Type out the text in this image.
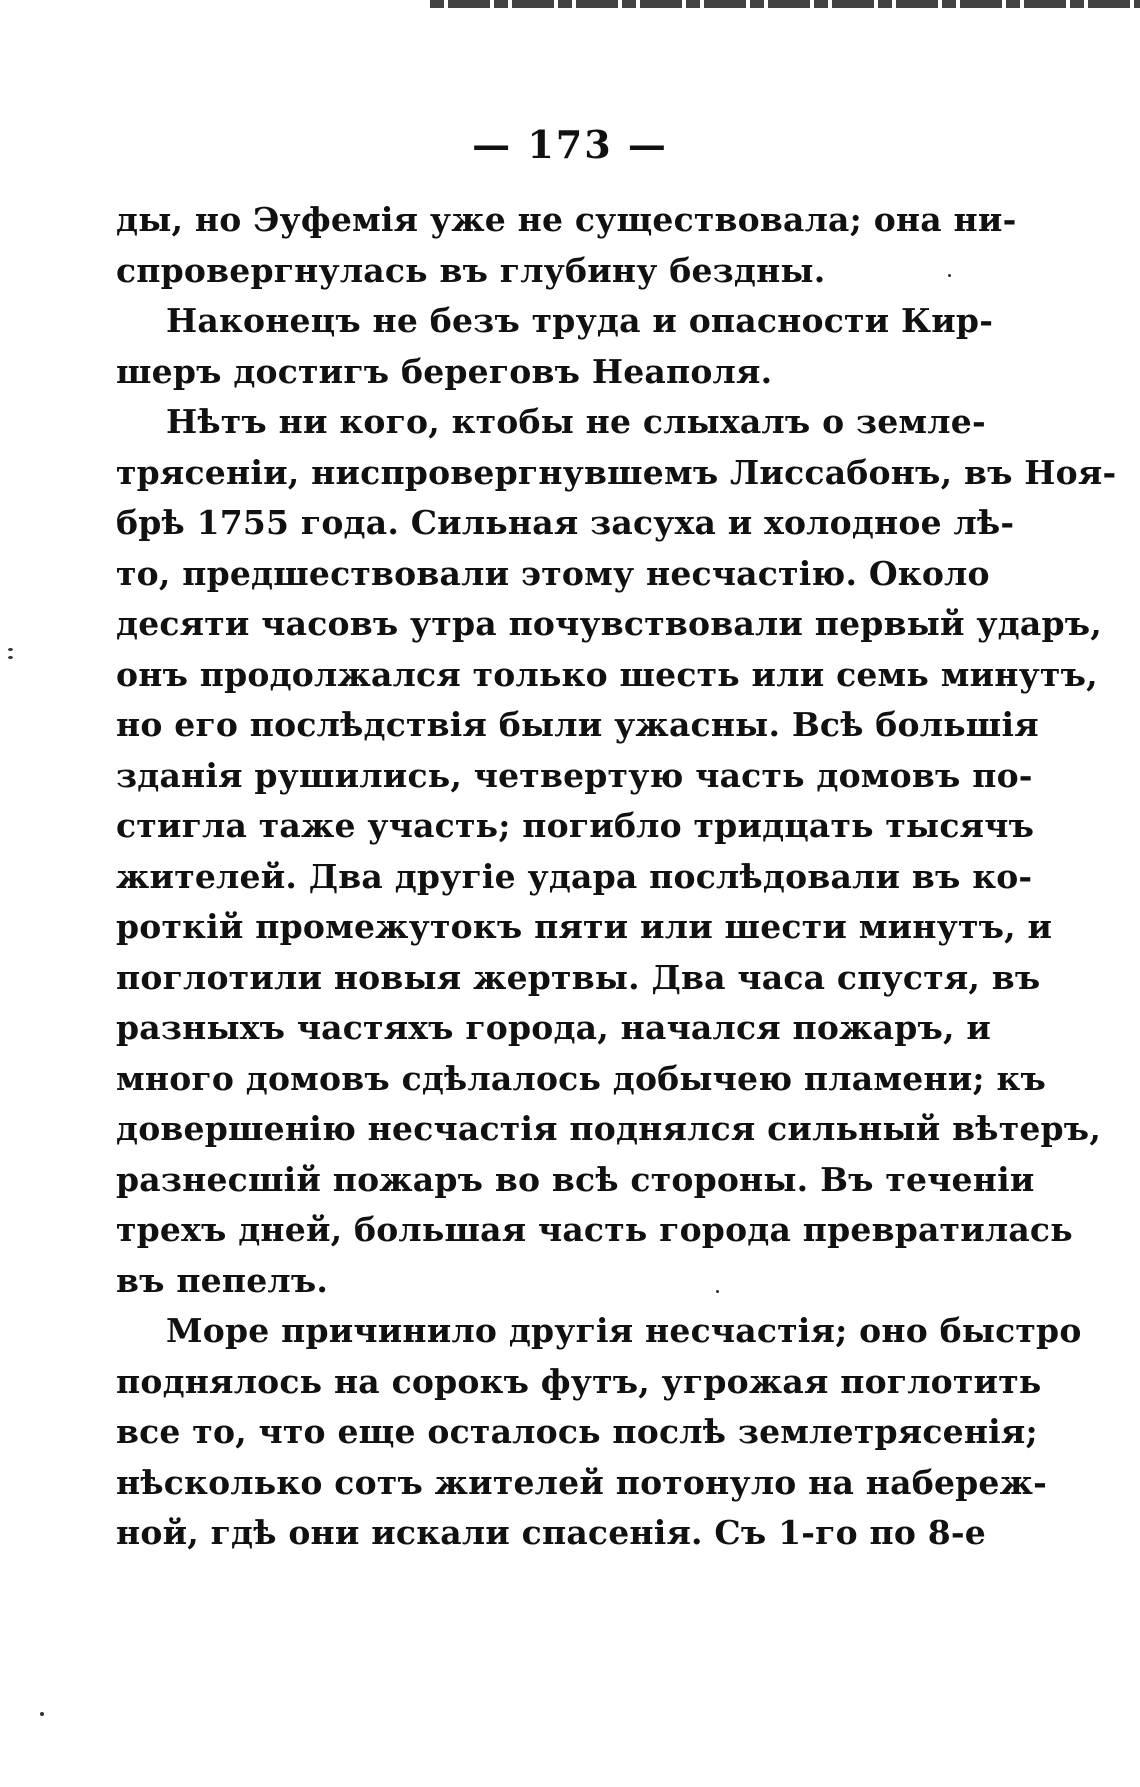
— 173 —
ды, но Эуфемія уже не существовала; она ни-
спровергнулась въ глубину бездны.
Наконецъ не безъ труда и опасности Кир-
шеръ достигъ береговъ Неаполя.
Нѣтъ ни кого, ктобы не слыхалъ о земле-
трясеніи, ниспровергнувшемъ Лиссабонъ, въ Ноя-
брѣ 1755 года. Сильная засуха и холодное лѣ-
то, предшествовали этому несчастію. Около
десяти часовъ утра почувствовали первый ударъ,
онъ продолжался только шесть или семь минутъ,
но его послѣдствія были ужасны. Всѣ большія
зданія рушились, четвертую часть домовъ по-
стигла таже участь; погибло тридцать тысячъ
жителей. Два другіе удара послѣдовали въ ко-
роткій промежутокъ пяти или шести минутъ, и
поглотили новыя жертвы. Два часа спустя, въ
разныхъ частяхъ города, начался пожаръ, и
много домовъ сдѣлалось добычею пламени; къ
довершенію несчастія поднялся сильный вѣтеръ,
разнесшій пожаръ во всѣ стороны. Въ теченіи
трехъ дней, большая часть города превратилась
въ пепелъ.
Море причинило другія несчастія; оно быстро
поднялось на сорокъ футъ, угрожая поглотить
все то, что еще осталось послѣ землетрясенія;
нѣсколько сотъ жителей потонуло на набереж-
ной, гдѣ они искали спасенія. Съ 1-го по 8-е
